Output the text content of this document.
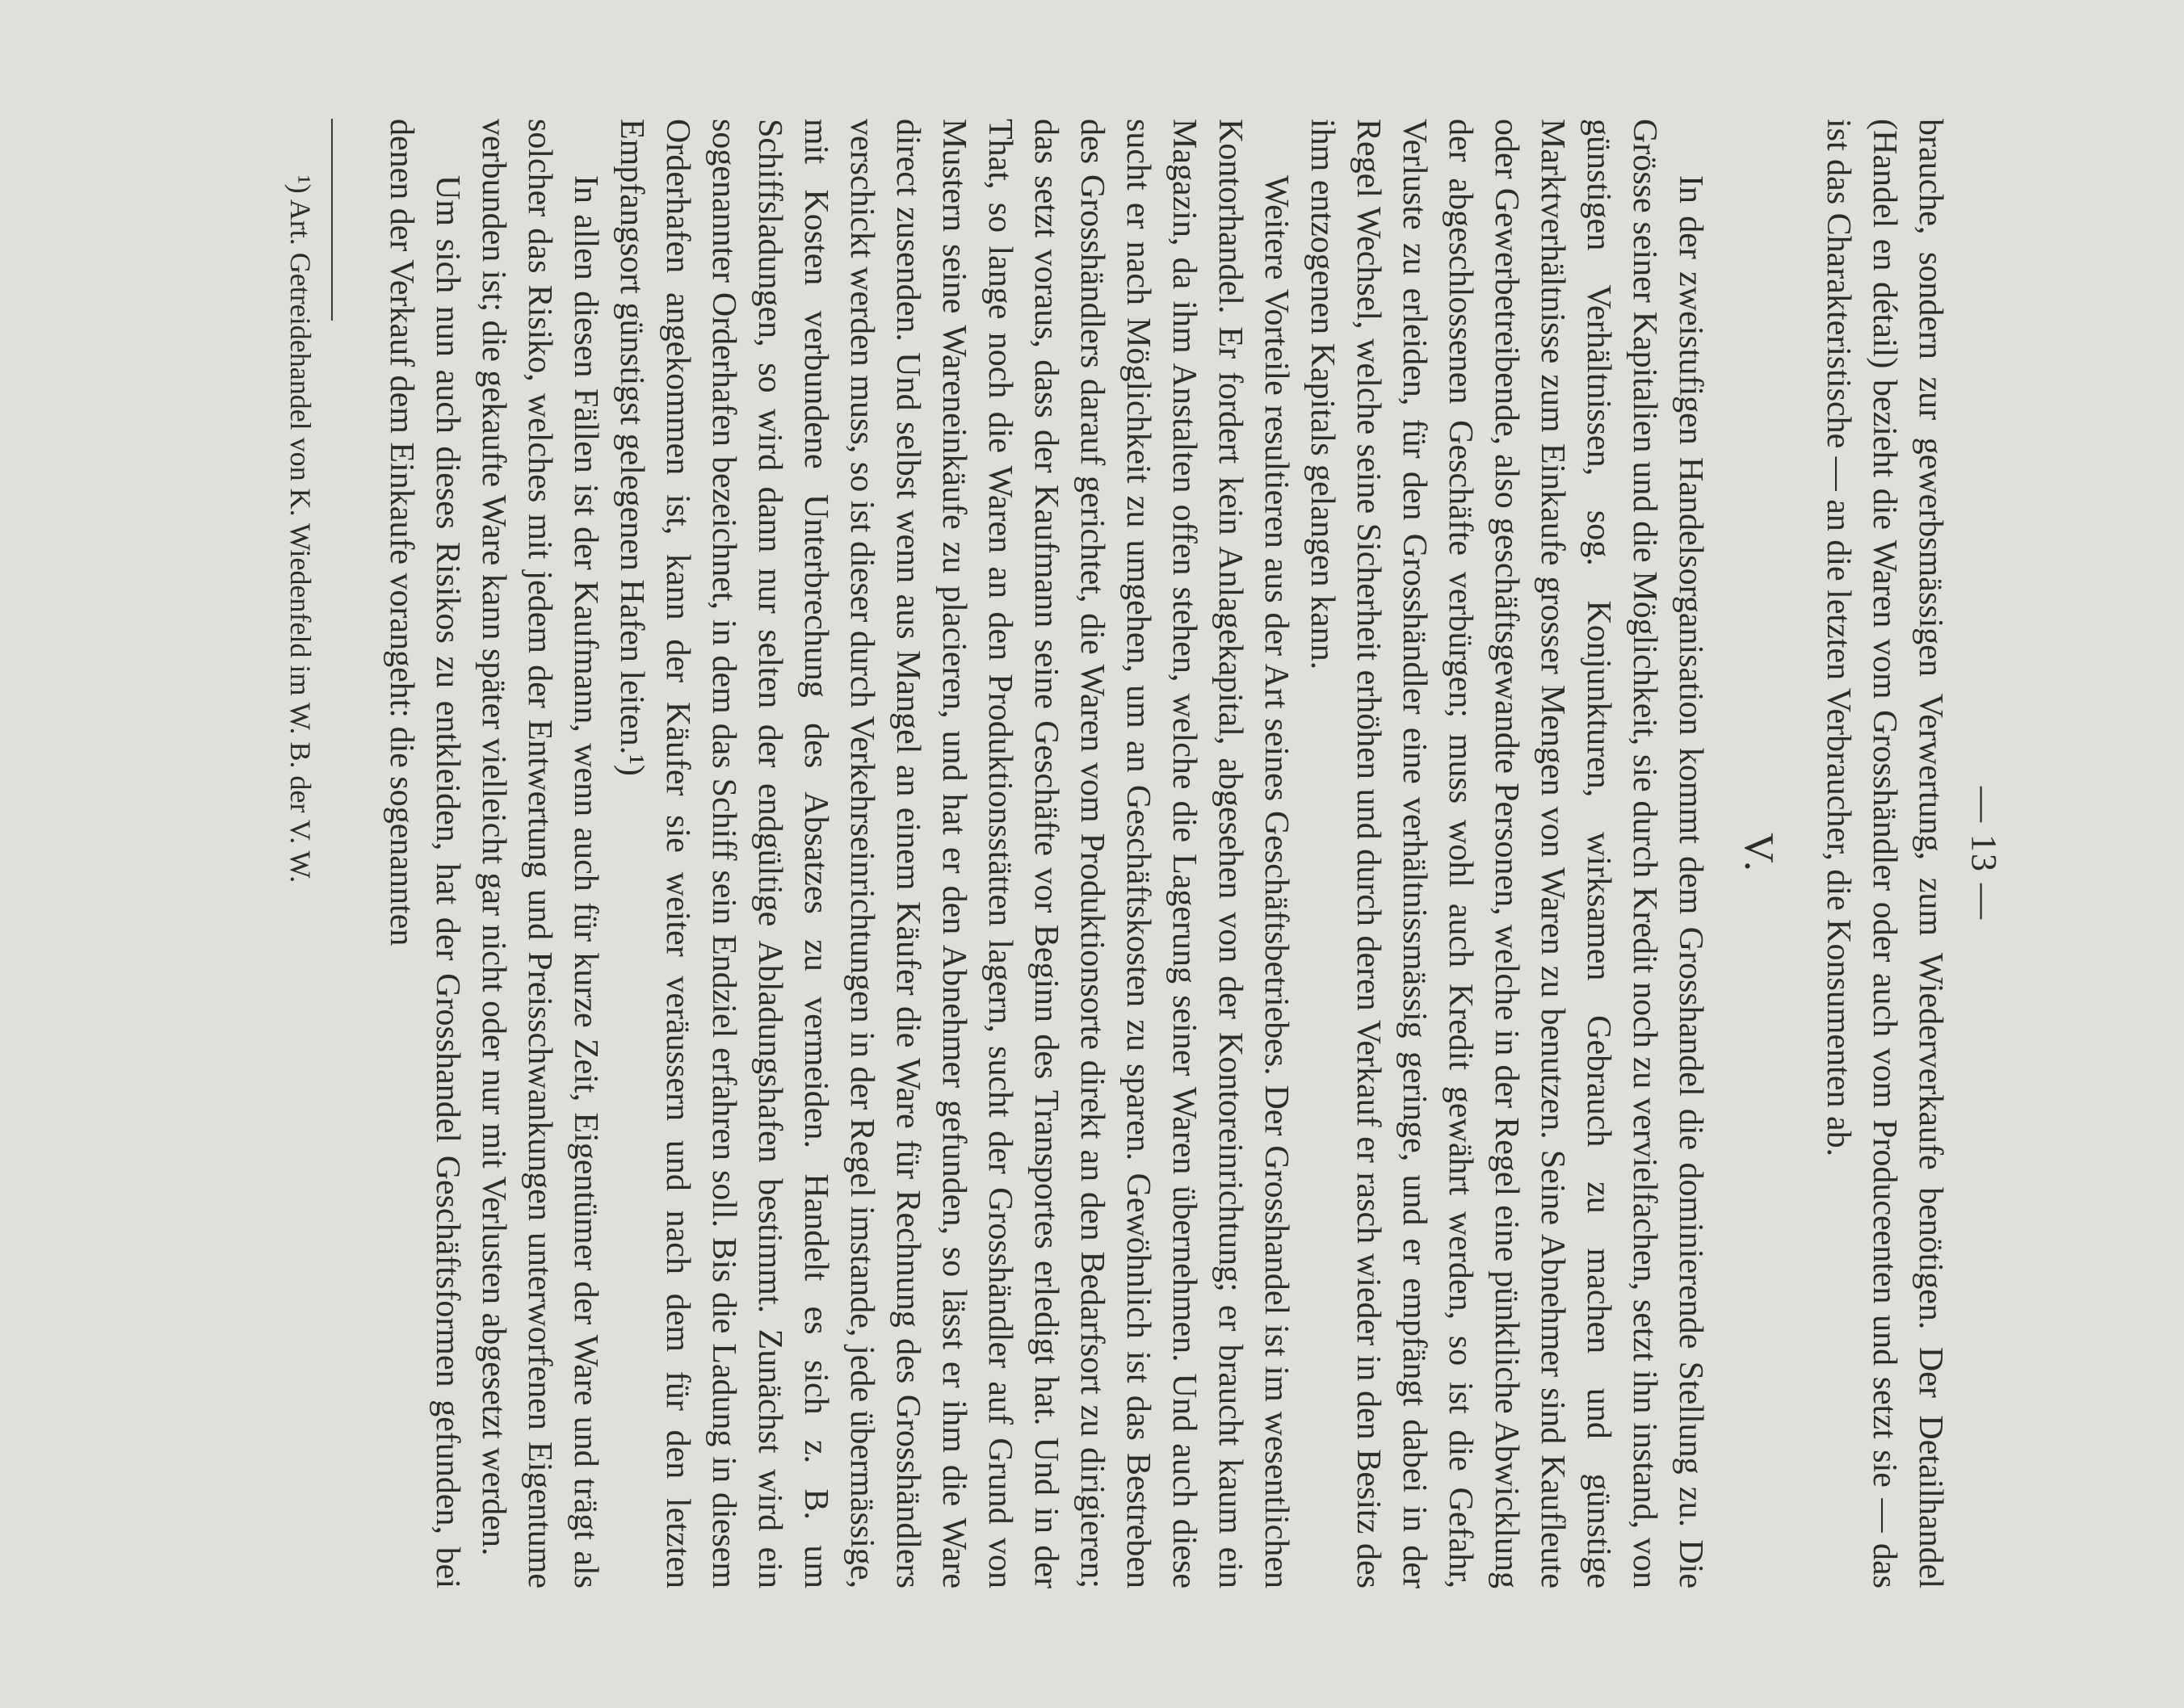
— 13 —

brauche, sondern zur gewerbsmässigen Verwertung, zum Wiederverkaufe benötigen. Der Detailhandel (Handel en détail) bezieht die Waren vom Grosshändler oder auch vom Produceenten und setzt sie — das ist das Charakteristische — an die letzten Verbraucher, die Konsumenten ab.

V.

In der zweistufigen Handelsorganisation kommt dem Grosshandel die dominierende Stellung zu. Die Grösse seiner Kapitalien und die Möglichkeit, sie durch Kredit noch zu vervielfachen, setzt ihn instand, von günstigen Verhältnissen, sog. Konjunkturen, wirksamen Gebrauch zu machen und günstige Marktverhältnisse zum Einkaufe grosser Mengen von Waren zu benutzen. Seine Abnehmer sind Kaufleute oder Gewerbetreibende, also geschäftsgewandte Personen, welche in der Regel eine pünktliche Abwicklung der abgeschlossenen Geschäfte verbürgen; muss wohl auch Kredit gewährt werden, so ist die Gefahr, Verluste zu erleiden, für den Grosshändler eine verhältnissmässig geringe, und er empfängt dabei in der Regel Wechsel, welche seine Sicherheit erhöhen und durch deren Verkauf er rasch wieder in den Besitz des ihm entzogenen Kapitals gelangen kann.

Weitere Vorteile resultieren aus der Art seines Geschäftsbetriebes. Der Grosshandel ist im wesentlichen Kontorhandel. Er fordert kein Anlagekapital, abgesehen von der Kontoreinrichtung; er braucht kaum ein Magazin, da ihm Anstalten offen stehen, welche die Lagerung seiner Waren übernehmen. Und auch diese sucht er nach Möglichkeit zu umgehen, um an Geschäftskosten zu sparen. Gewöhnlich ist das Bestreben des Grosshändlers darauf gerichtet, die Waren vom Produktionsorte direkt an den Bedarfsort zu dirigieren; das setzt voraus, dass der Kaufmann seine Geschäfte vor Beginn des Transportes erledigt hat. Und in der That, so lange noch die Waren an den Produktionsstätten lagern, sucht der Grosshändler auf Grund von Mustern seine Wareneinkäufe zu placieren, und hat er den Abnehmer gefunden, so lässt er ihm die Ware direct zusenden. Und selbst wenn aus Mangel an einem Käufer die Ware für Rechnung des Grosshändlers verschickt werden muss, so ist dieser durch Verkehrseinrichtungen in der Regel imstande, jede übermässige, mit Kosten verbundene Unterbrechung des Absatzes zu vermeiden. Handelt es sich z. B. um Schiffsladungen, so wird dann nur selten der endgültige Abladungshafen bestimmt. Zunächst wird ein sogenannter Orderhafen bezeichnet, in dem das Schiff sein Endziel erfahren soll. Bis die Ladung in diesem Orderhafen angekommen ist, kann der Käufer sie weiter veräussern und nach dem für den letzten Empfangsort günstigst gelegenen Hafen leiten.¹)

In allen diesen Fällen ist der Kaufmann, wenn auch für kurze Zeit, Eigentümer der Ware und trägt als solcher das Risiko, welches mit jedem der Entwertung und Preisschwankungen unterworfenen Eigentume verbunden ist; die gekaufte Ware kann später vielleicht gar nicht oder nur mit Verlusten abgesetzt werden.

Um sich nun auch dieses Risikos zu entkleiden, hat der Grosshandel Geschäftsformen gefunden, bei denen der Verkauf dem Einkaufe vorangeht: die sogenannten

¹) Art. Getreidehandel von K. Wiedenfeld im W. B. der V. W.
